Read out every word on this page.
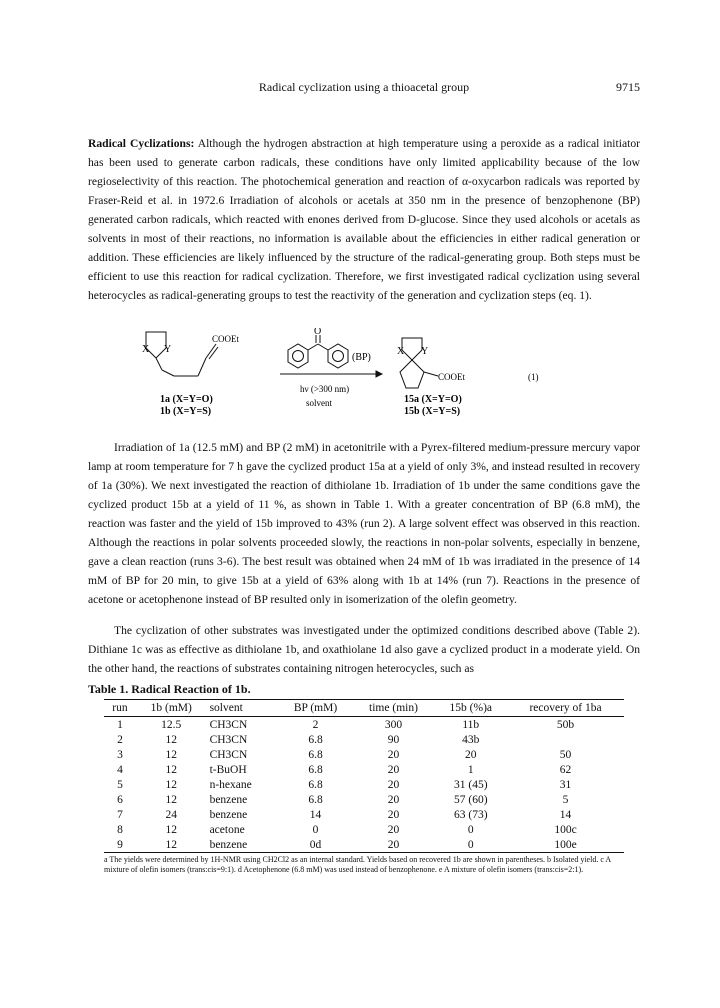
Radical cyclization using a thioacetal group	9715

Radical Cyclizations: Although the hydrogen abstraction at high temperature using a peroxide as a radical initiator has been used to generate carbon radicals, these conditions have only limited applicability because of the low regioselectivity of this reaction. The photochemical generation and reaction of α-oxycarbon radicals was reported by Fraser-Reid et al. in 1972.6 Irradiation of alcohols or acetals at 350 nm in the presence of benzophenone (BP) generated carbon radicals, which reacted with enones derived from D-glucose. Since they used alcohols or acetals as solvents in most of their reactions, no information is available about the efficiencies in either radical generation or addition. These efficiencies are likely influenced by the structure of the radical-generating group. Both steps must be efficient to use this reaction for radical cyclization. Therefore, we first investigated radical cyclization using several heterocycles as radical-generating groups to test the reactivity of the generation and cyclization steps (eq. 1).

X Y
COOEt
1a (X=Y=O)
1b (X=Y=S)
O
(BP)
hν (>300 nm)
solvent
X Y
COOEt
15a (X=Y=O)
15b (X=Y=S)
(1)

Irradiation of 1a (12.5 mM) and BP (2 mM) in acetonitrile with a Pyrex-filtered medium-pressure mercury vapor lamp at room temperature for 7 h gave the cyclized product 15a at a yield of only 3%, and instead resulted in recovery of 1a (30%). We next investigated the reaction of dithiolane 1b. Irradiation of 1b under the same conditions gave the cyclized product 15b at a yield of 11 %, as shown in Table 1. With a greater concentration of BP (6.8 mM), the reaction was faster and the yield of 15b improved to 43% (run 2). A large solvent effect was observed in this reaction. Although the reactions in polar solvents proceeded slowly, the reactions in non-polar solvents, especially in benzene, gave a clean reaction (runs 3-6). The best result was obtained when 24 mM of 1b was irradiated in the presence of 14 mM of BP for 20 min, to give 15b at a yield of 63% along with 1b at 14% (run 7). Reactions in the presence of acetone or acetophenone instead of BP resulted only in isomerization of the olefin geometry.

The cyclization of other substrates was investigated under the optimized conditions described above (Table 2). Dithiane 1c was as effective as dithiolane 1b, and oxathiolane 1d also gave a cyclized product in a moderate yield. On the other hand, the reactions of substrates containing nitrogen heterocycles, such as

Table 1. Radical Reaction of 1b.
run	1b (mM)	solvent	BP (mM)	time (min)	15b (%)a	recovery of 1ba
1	12.5	CH3CN	2	300	11b	50b
2	12	CH3CN	6.8	90	43b	
3	12	CH3CN	6.8	20	20	50
4	12	t-BuOH	6.8	20	1	62
5	12	n-hexane	6.8	20	31 (45)	31
6	12	benzene	6.8	20	57 (60)	5
7	24	benzene	14	20	63 (73)	14
8	12	acetone	0	20	0	100c
9	12	benzene	0d	20	0	100e
a The yields were determined by 1H-NMR using CH2Cl2 as an internal standard. Yields based on recovered 1b are shown in parentheses. b Isolated yield. c A mixture of olefin isomers (trans:cis=9:1). d Acetophenone (6.8 mM) was used instead of benzophenone. e A mixture of olefin isomers (trans:cis=2:1).
